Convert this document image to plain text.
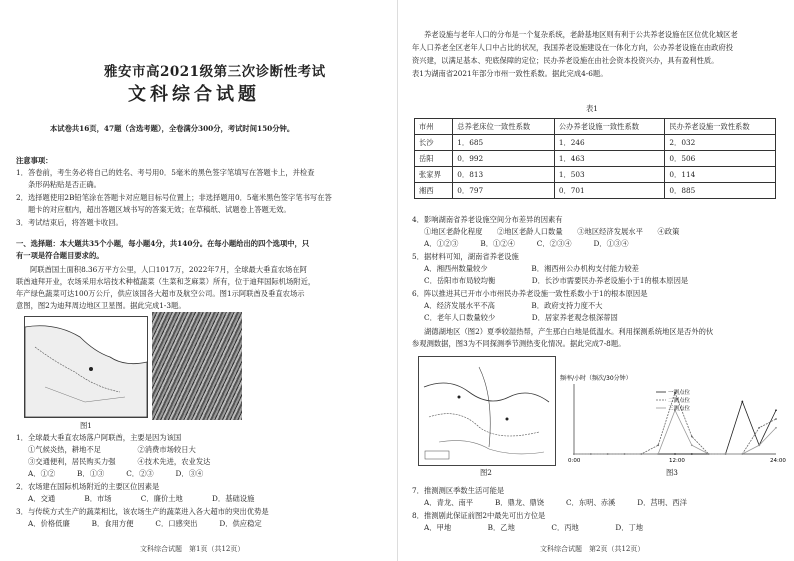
雅安市高2021级第三次诊断性考试
文科综合试题
本试卷共16页，47题（含选考题），全卷满分300分，考试时间150分钟。
注意事项：
1．答卷前，考生务必将自己的姓名、考号用0．5毫米的黑色签字笔填写在答题卡上，并检查
条形码粘贴是否正确。
2．选择题使用2B铅笔涂在答题卡对应题目标号位置上；非选择题用0．5毫米黑色签字笔书写在答
题卡的对应框内，超出答题区域书写的答案无效；在草稿纸、试题卷上答题无效。
3．考试结束后，将答题卡收回。
一、选择题：本大题共35个小题，每小题4分，共140分。在每小题给出的四个选项中，只
有一项是符合题目要求的。
阿联酋国土面积8.36万平方公里，人口1017万，2022年7月，全球最大垂直农场在阿
联酋迪拜开业，农场采用水培技术种植蔬菜（生菜和芝麻菜）所有，位于迪拜国际机场附近，
年产绿色蔬菜可达100万公斤，供应该国各大超市及航空公司。图1示阿联酋及垂直农场示
意图，图2为迪拜周边地区卫星图。据此完成1-3题。
图1
1．全球最大垂直农场落户阿联酋，主要是因为该国
①气候炎热，耕地不足　　　　　②消费市场较日大
③交通便利，居民购买力强　　　④技术先进，农业发达
A．①②　　　B．①③　　　C．②③　　　D．③④
2．农场建在国际机场附近的主要区位因素是
A．交通　　　　B．市场　　　　C．廉价土地　　　　D．基础设施
3．与传统方式生产的蔬菜相比，该农场生产的蔬菜进入各大超市的突出优势是
A．价格低廉　　　B．食用方便　　　C．口感突出　　　D．供应稳定
文科综合试题　第1页（共12页）
养老设施与老年人口的分布是一个复杂系统，老龄基地区则有利于公共养老设施在区位优化城区老
年人口养老全区老年人口中占比的状况，我国养老设施建设在一体化方向，公办养老设施在由政府投
资兴建，以满足基本、兜底保障的定位；民办养老设施在由社会资本投资兴办，具有盈利性质。
表1为湖南省2021年部分市州一致性系数。据此完成4-6题。
表1
市州	总养老床位一致性系数	公办养老设施一致性系数	民办养老设施一致性系数
长沙	1．685	1．246	2．032
岳阳	0．992	1．463	0．506
张家界	0．813	1．503	0．114
湘西	0．797	0．701	0．885
4．影响湖南省养老设施空间分布差异的因素有
①地区老龄化程度　　②地区老龄人口数量　　③地区经济发展水平　　④政策
A．①②③　　　B．①②④　　　C．②③④　　　D．①③④
5．据材料可知，湖南省养老设施
A．湘西州数量较少　　　　　　B．湘西州公办机构支付能力较差
C．岳阳市布局较均衡　　　　　D．长沙市需要民办养老设施小于1的根本原因是
6．阵以推进其已开市小市州民办养老设施一致性系数小于1的根本原因是
A．经济发展水平不高　　　　　B．政府支持力度不大
C．老年人口数量较少　　　　　D．居家养老观念根深蒂固
湖德湖地区（图2）夏季较湿热帮，产生那白白地是低温水。利用探测系统地区是否外的伙
参观测数据，图3为不同探测季节测热变化情况。据此完成7-8题。
图2
频率/小时（频次/30分钟）
0:00	12:00	24:00
一测点位
二测点位
三测点位
图3
7．推测测区季数生活可能是
A．青龙、南平　　　B．鼎龙、鼎饶　　　C．东明、赤溪　　　D．莒明、西洋
8．推测剧此保证前图2中最先可出方位是
A．甲地　　　　　B．乙地　　　　　C．丙地　　　　　D．丁地
文科综合试题　第2页（共12页）
